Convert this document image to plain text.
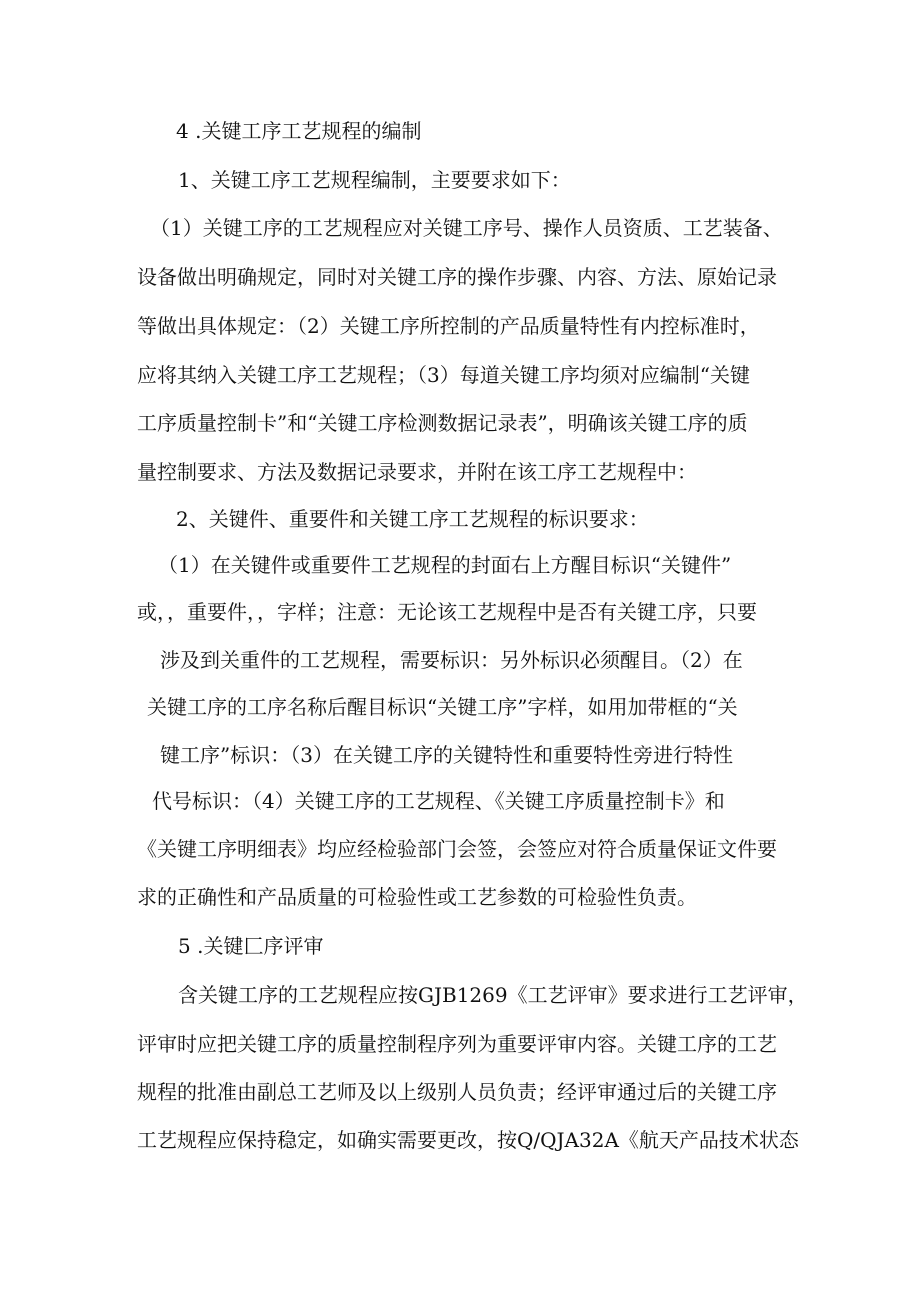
4 .关键工序工艺规程的编制
1、关键工序工艺规程编制，主要要求如下：
（1）关键工序的工艺规程应对关键工序号、操作人员资质、工艺装备、
设备做出明确规定，同时对关键工序的操作步骤、内容、方法、原始记录
等做出具体规定：（2）关键工序所控制的产品质量特性有内控标准时，
应将其纳入关键工序工艺规程；（3）每道关键工序均须对应编制“关键
工序质量控制卡”和“关键工序检测数据记录表”，明确该关键工序的质
量控制要求、方法及数据记录要求，并附在该工序工艺规程中：
2、关键件、重要件和关键工序工艺规程的标识要求：
（1）在关键件或重要件工艺规程的封面右上方醒目标识“关键件”
或，，重要件，，字样；注意：无论该工艺规程中是否有关键工序，只要
涉及到关重件的工艺规程，需要标识：另外标识必须醒目。（2）在
关键工序的工序名称后醒目标识“关键工序”字样，如用加带框的“关
键工序”标识：（3）在关键工序的关键特性和重要特性旁进行特性
代号标识：（4）关键工序的工艺规程、《关键工序质量控制卡》和
《关键工序明细表》均应经检验部门会签，会签应对符合质量保证文件要
求的正确性和产品质量的可检验性或工艺参数的可检验性负责。
5 .关键匚序评审
含关键工序的工艺规程应按GJB1269《工艺评审》要求进行工艺评审，
评审时应把关键工序的质量控制程序列为重要评审内容。关键工序的工艺
规程的批准由副总工艺师及以上级别人员负责；经评审通过后的关键工序
工艺规程应保持稳定，如确实需要更改，按Q/QJA32A《航天产品技术状态
